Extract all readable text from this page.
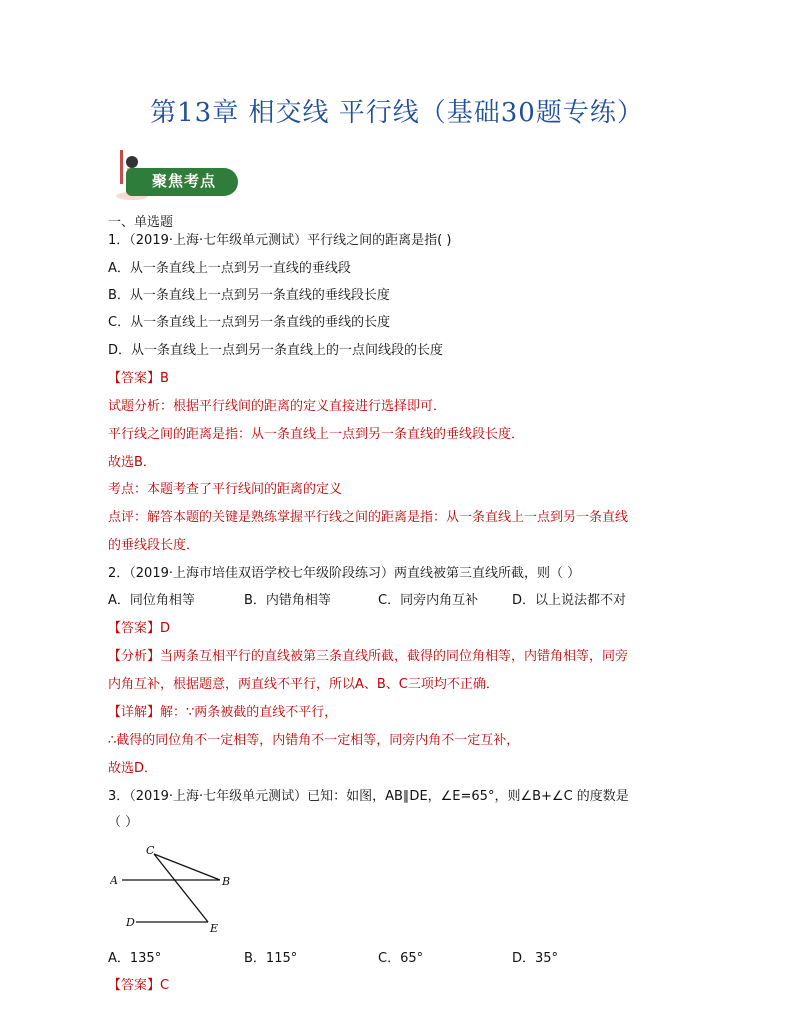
第13章 相交线 平行线（基础30题专练）
聚焦考点
一、单选题
1．（2019·上海·七年级单元测试）平行线之间的距离是指( )
A．从一条直线上一点到另一直线的垂线段
B．从一条直线上一点到另一条直线的垂线段长度
C．从一条直线上一点到另一条直线的垂线的长度
D．从一条直线上一点到另一条直线上的一点间线段的长度
【答案】B
试题分析：根据平行线间的距离的定义直接进行选择即可．
平行线之间的距离是指：从一条直线上一点到另一条直线的垂线段长度．
故选B．
考点：本题考查了平行线间的距离的定义
点评：解答本题的关键是熟练掌握平行线之间的距离是指：从一条直线上一点到另一条直线
的垂线段长度．
2．（2019·上海市培佳双语学校七年级阶段练习）两直线被第三直线所截，则（ ）
A．同位角相等	B．内错角相等	C．同旁内角互补	D．以上说法都不对
【答案】D
【分析】当两条互相平行的直线被第三条直线所截，截得的同位角相等，内错角相等，同旁
内角互补，根据题意，两直线不平行，所以A、B、C三项均不正确．
【详解】解：∵两条被截的直线不平行，
∴截得的同位角不一定相等，内错角不一定相等，同旁内角不一定互补，
故选D．
3．（2019·上海·七年级单元测试）已知：如图，AB∥DE，∠E=65°，则∠B+∠C 的度数是
（ ）
C
A	B
D	E
A．135°	B．115°	C．65°	D．35°
【答案】C
